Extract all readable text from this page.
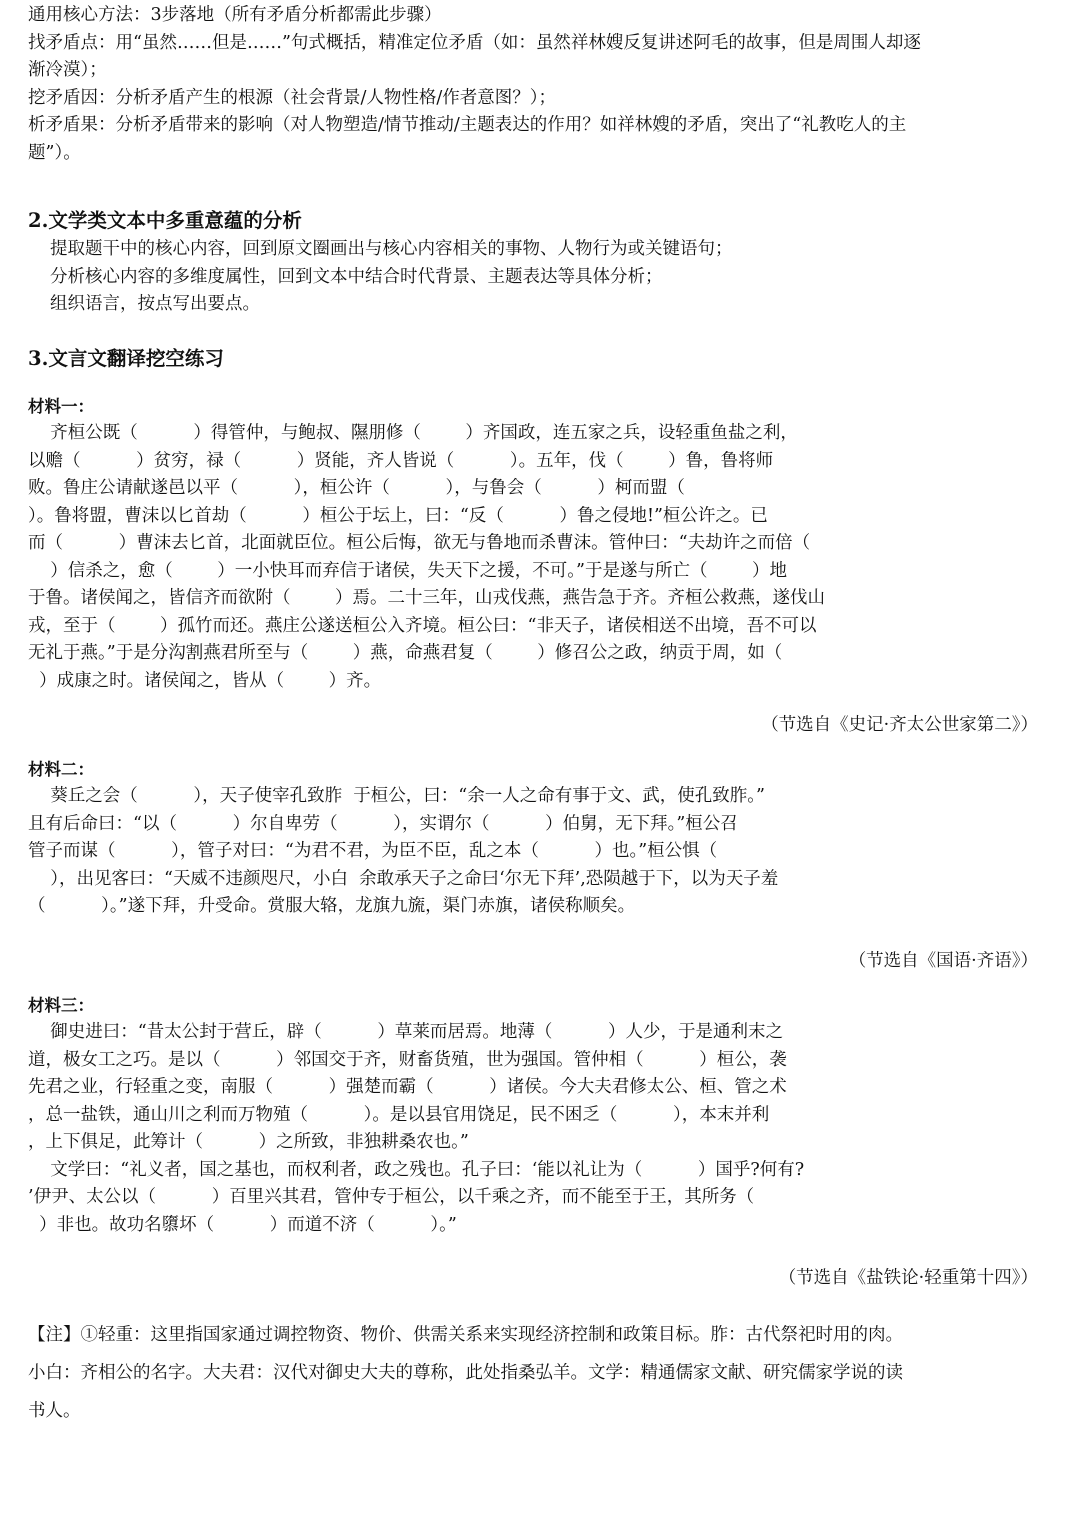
通用核心方法：3步落地（所有矛盾分析都需此步骤）
找矛盾点：用“虽然……但是……”句式概括，精准定位矛盾（如：虽然祥林嫂反复讲述阿毛的故事，但是周围人却逐
渐冷漠）；
挖矛盾因：分析矛盾产生的根源（社会背景/人物性格/作者意图？）；
析矛盾果：分析矛盾带来的影响（对人物塑造/情节推动/主题表达的作用？如祥林嫂的矛盾，突出了“礼教吃人的主
题”）。
2.文学类文本中多重意蕴的分析
提取题干中的核心内容，回到原文圈画出与核心内容相关的事物、人物行为或关键语句；
分析核心内容的多维度属性，回到文本中结合时代背景、主题表达等具体分析；
组织语言，按点写出要点。
3.文言文翻译挖空练习
材料一：
齐桓公既（          ）得管仲，与鲍叔、隰朋修（        ）齐国政，连五家之兵，设轻重鱼盐之利，
以赡（          ）贫穷，禄（          ）贤能，齐人皆说（          ）。五年，伐（        ）鲁，鲁将师
败。鲁庄公请献遂邑以平（          ），桓公许（          ），与鲁会（          ）柯而盟（
）。鲁将盟，曹沫以匕首劫（          ）桓公于坛上，曰：“反（          ）鲁之侵地!”桓公许之。已
而（          ）曹沫去匕首，北面就臣位。桓公后悔，欲无与鲁地而杀曹沫。管仲曰：“夫劫许之而倍（
）信杀之，愈（        ）一小快耳而弃信于诸侯，失天下之援，不可。”于是遂与所亡（        ）地
于鲁。诸侯闻之，皆信齐而欲附（        ）焉。二十三年，山戎伐燕，燕告急于齐。齐桓公救燕，遂伐山
戎，至于（        ）孤竹而还。燕庄公遂送桓公入齐境。桓公曰：“非天子，诸侯相送不出境，吾不可以
无礼于燕。”于是分沟割燕君所至与（        ）燕，命燕君复（        ）修召公之政，纳贡于周，如（
）成康之时。诸侯闻之，皆从（        ）齐。
（节选自《史记·齐太公世家第二》）
材料二：
葵丘之会（          ），天子使宰孔致胙  于桓公，曰：“余一人之命有事于文、武，使孔致胙。”
且有后命曰：“以（          ）尔自卑劳（          ），实谓尔（          ）伯舅，无下拜。”桓公召
管子而谋（          ），管子对曰：“为君不君，为臣不臣，乱之本（          ）也。”桓公惧（
），出见客曰：“天威不违颜咫尺，小白  余敢承天子之命曰‘尔无下拜’,恐陨越于下，以为天子羞
（          ）。”遂下拜，升受命。赏服大辂，龙旗九旒，渠门赤旗，诸侯称顺矣。
（节选自《国语·齐语》）
材料三：
御史进曰：“昔太公封于营丘，辟（          ）草莱而居焉。地薄（          ）人少，于是通利末之
道，极女工之巧。是以（          ）邻国交于齐，财畜货殖，世为强国。管仲相（          ）桓公，袭
先君之业，行轻重之变，南服（          ）强楚而霸（          ）诸侯。今大夫君修太公、桓、管之术
，总一盐铁，通山川之利而万物殖（          ）。是以县官用饶足，民不困乏（          ），本末并利
，上下俱足，此筹计（          ）之所致，非独耕桑农也。”
文学曰：“礼义者，国之基也，而权利者，政之残也。孔子曰：‘能以礼让为（          ）国乎?何有?
’伊尹、太公以（          ）百里兴其君，管仲专于桓公，以千乘之齐，而不能至于王，其所务（
）非也。故功名隳坏（          ）而道不济（          ）。”
（节选自《盐铁论·轻重第十四》）
【注】①轻重：这里指国家通过调控物资、物价、供需关系来实现经济控制和政策目标。胙：古代祭祀时用的肉。
小白：齐相公的名字。大夫君：汉代对御史大夫的尊称，此处指桑弘羊。文学：精通儒家文献、研究儒家学说的读
书人。
